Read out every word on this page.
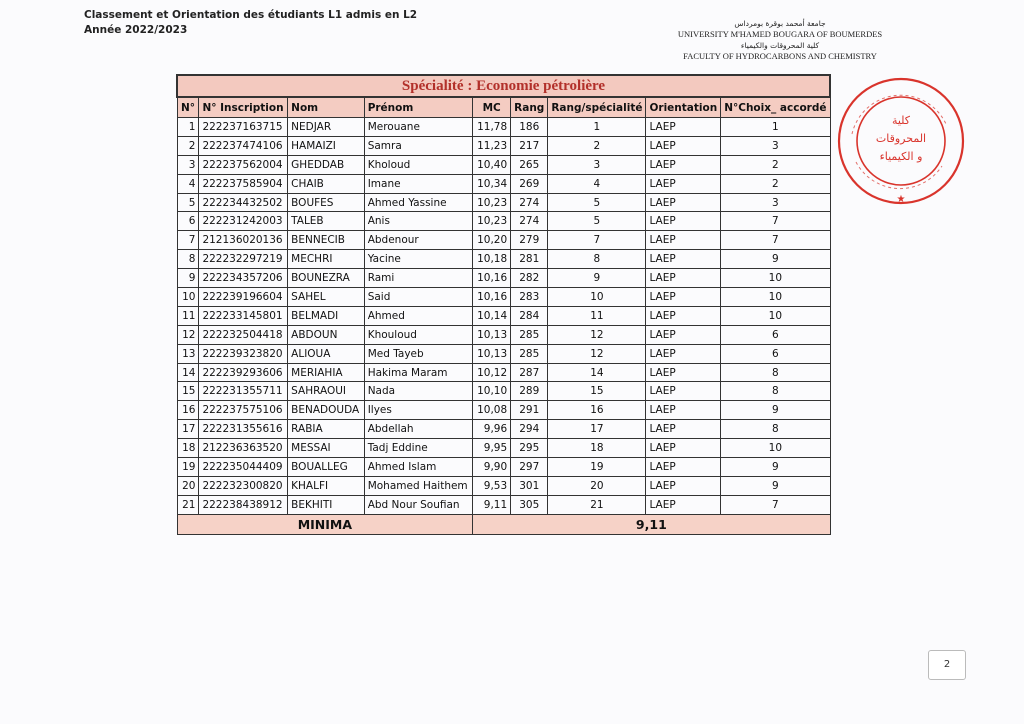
Classement et Orientation des étudiants L1 admis en L2
Année 2022/2023
جامعة أمحمد بوقرة بومرداس
UNIVERSITY M'HAMED BOUGARA OF BOUMERDES
كلية المحروقات والكيمياء
FACULTY OF HYDROCARBONS AND CHEMISTRY
Spécialité : Economie pétrolière								
N°	N° Inscription	Nom	Prénom	MC	Rang	Rang/spécialité	Orientation	N°Choix_ accordé
1	222237163715	NEDJAR	Merouane	11,78	186	1	LAEP	1
2	222237474106	HAMAIZI	Samra	11,23	217	2	LAEP	3
3	222237562004	GHEDDAB	Kholoud	10,40	265	3	LAEP	2
4	222237585904	CHAIB	Imane	10,34	269	4	LAEP	2
5	222234432502	BOUFES	Ahmed Yassine	10,23	274	5	LAEP	3
6	222231242003	TALEB	Anis	10,23	274	5	LAEP	7
7	212136020136	BENNECIB	Abdenour	10,20	279	7	LAEP	7
8	222232297219	MECHRI	Yacine	10,18	281	8	LAEP	9
9	222234357206	BOUNEZRA	Rami	10,16	282	9	LAEP	10
10	222239196604	SAHEL	Said	10,16	283	10	LAEP	10
11	222233145801	BELMADI	Ahmed	10,14	284	11	LAEP	10
12	222232504418	ABDOUN	Khouloud	10,13	285	12	LAEP	6
13	222239323820	ALIOUA	Med Tayeb	10,13	285	12	LAEP	6
14	222239293606	MERIAHIA	Hakima Maram	10,12	287	14	LAEP	8
15	222231355711	SAHRAOUI	Nada	10,10	289	15	LAEP	8
16	222237575106	BENADOUDA	Ilyes	10,08	291	16	LAEP	9
17	222231355616	RABIA	Abdellah	9,96	294	17	LAEP	8
18	212236363520	MESSAI	Tadj Eddine	9,95	295	18	LAEP	10
19	222235044409	BOUALLEG	Ahmed Islam	9,90	297	19	LAEP	9
20	222232300820	KHALFI	Mohamed Haithem	9,53	301	20	LAEP	9
21	222238438912	BEKHITI	Abd Nour Soufian	9,11	305	21	LAEP	7
MINIMA				9,11				
كلية
المحروقات
و الكيمياء
★
2
